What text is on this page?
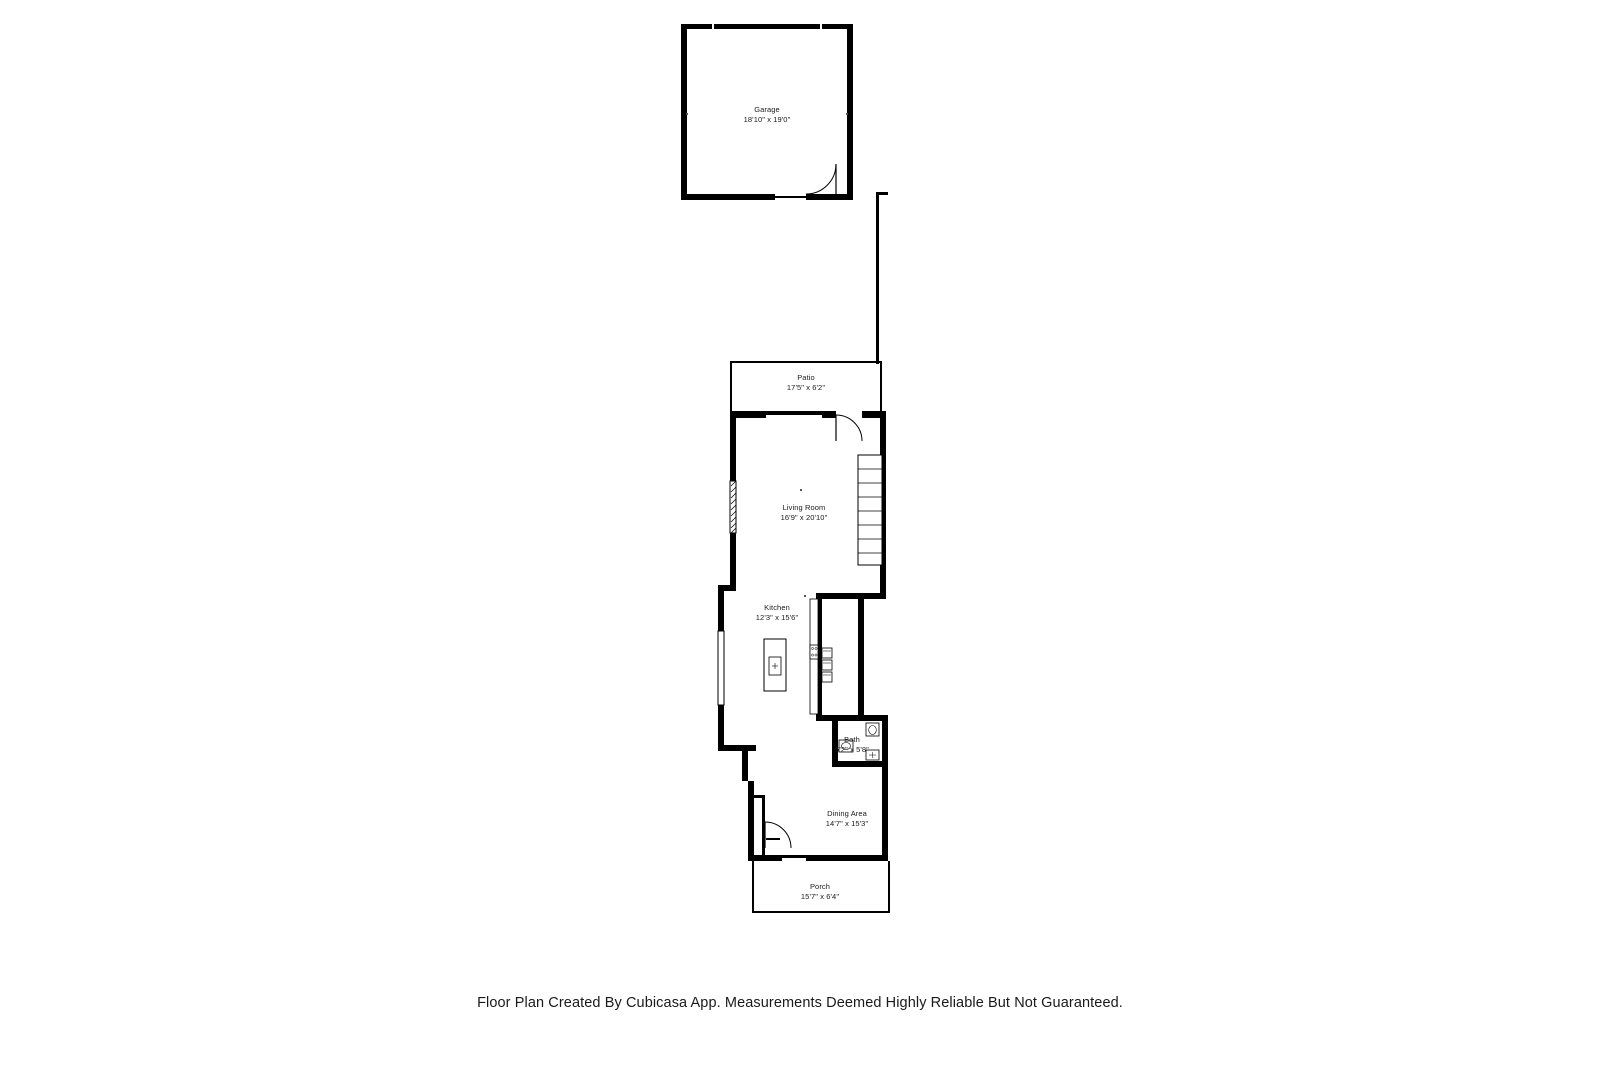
Garage
18'10" x 19'0"
Patio
17'5" x 6'2"
Living Room
16'9" x 20'10"
Kitchen
12'3" x 15'6"
Bath
5'2" x 5'8"
Dining Area
14'7" x 15'3"
Porch
15'7" x 6'4"
Floor Plan Created By Cubicasa App. Measurements Deemed Highly Reliable But Not Guaranteed.
